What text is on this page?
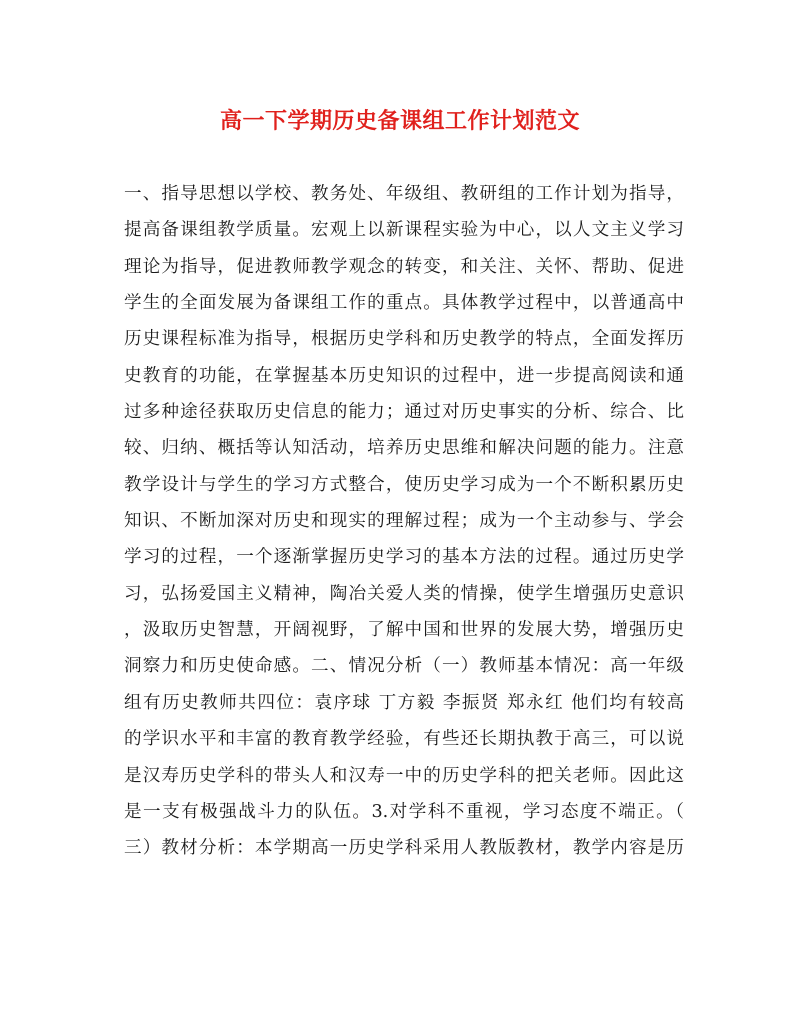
高一下学期历史备课组工作计划范文
一、指导思想以学校、教务处、年级组、教研组的工作计划为指导，
提高备课组教学质量。宏观上以新课程实验为中心，以人文主义学习
理论为指导，促进教师教学观念的转变，和关注、关怀、帮助、促进
学生的全面发展为备课组工作的重点。具体教学过程中，以普通高中
历史课程标准为指导，根据历史学科和历史教学的特点，全面发挥历
史教育的功能，在掌握基本历史知识的过程中，进一步提高阅读和通
过多种途径获取历史信息的能力；通过对历史事实的分析、综合、比
较、归纳、概括等认知活动，培养历史思维和解决问题的能力。注意
教学设计与学生的学习方式整合，使历史学习成为一个不断积累历史
知识、不断加深对历史和现实的理解过程；成为一个主动参与、学会
学习的过程，一个逐渐掌握历史学习的基本方法的过程。通过历史学
习，弘扬爱国主义精神，陶冶关爱人类的情操，使学生增强历史意识
，汲取历史智慧，开阔视野，了解中国和世界的发展大势，增强历史
洞察力和历史使命感。二、情况分析（一）教师基本情况：高一年级
组有历史教师共四位：袁序球 丁方毅 李振贤 郑永红 他们均有较高
的学识水平和丰富的教育教学经验，有些还长期执教于高三，可以说
是汉寿历史学科的带头人和汉寿一中的历史学科的把关老师。因此这
是一支有极强战斗力的队伍。3.对学科不重视，学习态度不端正。（
三）教材分析：本学期高一历史学科采用人教版教材，教学内容是历
